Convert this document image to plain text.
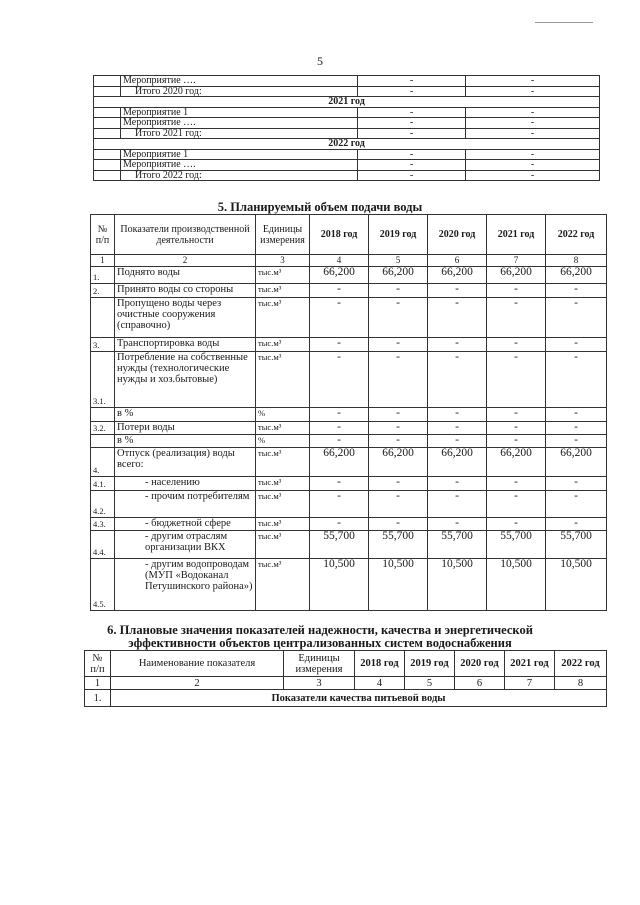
5
	Мероприятие ….	-	-
	Итого 2020 год:	-	-
2021 год			
	Мероприятие 1	-	-
	Мероприятие ….	-	-
	Итого 2021 год:	-	-
2022 год			
	Мероприятие 1	-	-
	Мероприятие ….	-	-
	Итого 2022 год:	-	-
5. Планируемый объем подачи воды
№ п/п	Показатели производственной деятельности	Единицы измерения	2018 год	2019 год	2020 год	2021 год	2022 год
1	2	3	4	5	6	7	8
1.	Поднято воды	тыс.м³	66,200	66,200	66,200	66,200	66,200
2.	Принято воды со стороны	тыс.м³	-	-	-	-	-
	Пропущено воды через очистные сооружения (справочно)	тыс.м³	-	-	-	-	-
3.	Транспортировка воды	тыс.м³	-	-	-	-	-
3.1.	Потребление на собственные нужды (технологические нужды и хоз.бытовые)	тыс.м³	-	-	-	-	-
	в %	%	-	-	-	-	-
3.2.	Потери воды	тыс.м³	-	-	-	-	-
	в %	%	-	-	-	-	-
4.	Отпуск (реализация) воды всего:	тыс.м³	66,200	66,200	66,200	66,200	66,200
4.1.	- населению	тыс.м³	-	-	-	-	-
4.2.	- прочим потребителям	тыс.м³	-	-	-	-	-
4.3.	- бюджетной сфере	тыс.м³	-	-	-	-	-
4.4.	- другим отраслям организации ВКХ	тыс.м³	55,700	55,700	55,700	55,700	55,700
4.5.	- другим водопроводам (МУП «Водоканал Петушинского района»)	тыс.м³	10,500	10,500	10,500	10,500	10,500
6. Плановые значения показателей надежности, качества и энергетической
эффективности объектов централизованных систем водоснабжения
№ п/п	Наименование показателя	Единицы измерения	2018 год	2019 год	2020 год	2021 год	2022 год
1	2	3	4	5	6	7	8
1.	Показатели качества питьевой воды						
